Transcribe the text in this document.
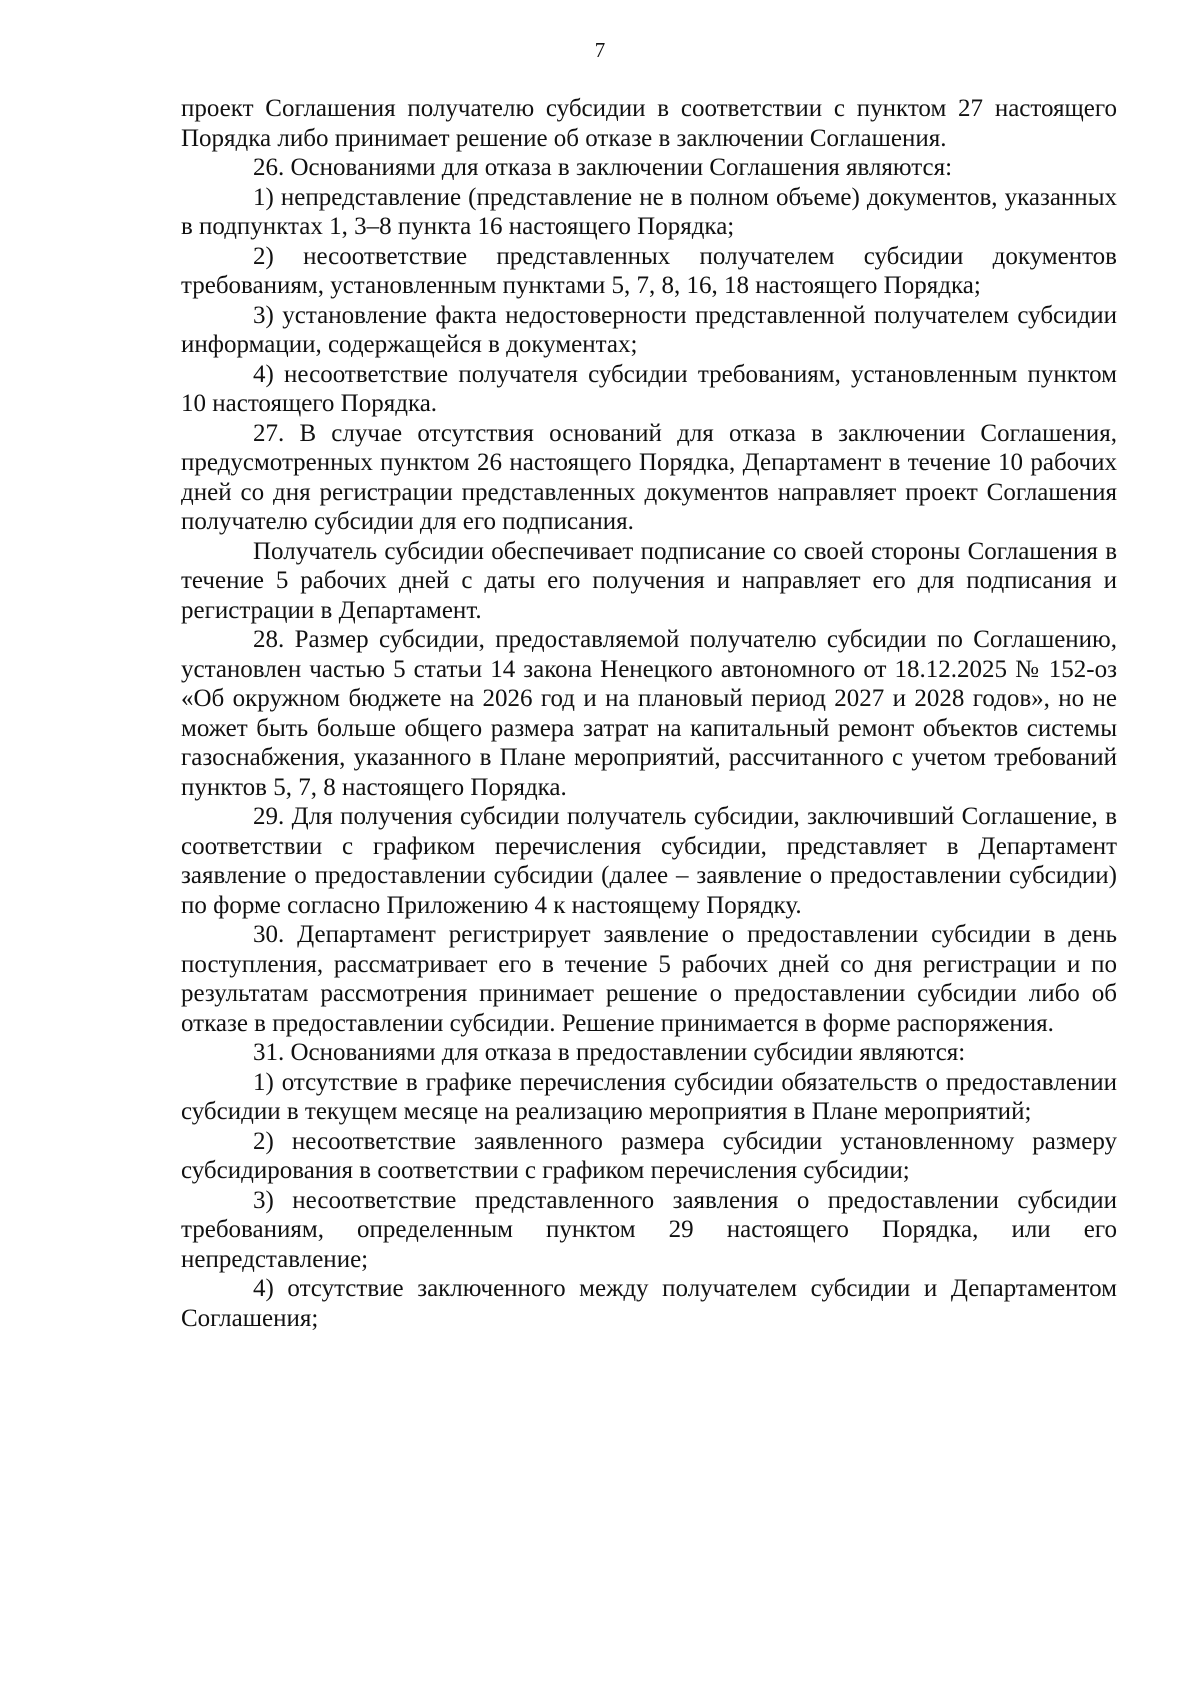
7

проект Соглашения получателю субсидии в соответствии с пунктом 27 настоящего Порядка либо принимает решение об отказе в заключении Соглашения.

26. Основаниями для отказа в заключении Соглашения являются:

1) непредставление (представление не в полном объеме) документов, указанных в подпунктах 1, 3–8 пункта 16 настоящего Порядка;

2) несоответствие представленных получателем субсидии документов требованиям, установленным пунктами 5, 7, 8, 16, 18 настоящего Порядка;

3) установление факта недостоверности представленной получателем субсидии информации, содержащейся в документах;

4) несоответствие получателя субсидии требованиям, установленным пунктом 10 настоящего Порядка.

27. В случае отсутствия оснований для отказа в заключении Соглашения, предусмотренных пунктом 26 настоящего Порядка, Департамент в течение 10 рабочих дней со дня регистрации представленных документов направляет проект Соглашения получателю субсидии для его подписания.

Получатель субсидии обеспечивает подписание со своей стороны Соглашения в течение 5 рабочих дней с даты его получения и направляет его для подписания и регистрации в Департамент.

28. Размер субсидии, предоставляемой получателю субсидии по Соглашению, установлен частью 5 статьи 14 закона Ненецкого автономного от 18.12.2025 № 152-оз «Об окружном бюджете на 2026 год и на плановый период 2027 и 2028 годов», но не может быть больше общего размера затрат на капитальный ремонт объектов системы газоснабжения, указанного в Плане мероприятий, рассчитанного с учетом требований пунктов 5, 7, 8 настоящего Порядка.

29. Для получения субсидии получатель субсидии, заключивший Соглашение, в соответствии с графиком перечисления субсидии, представляет в Департамент заявление о предоставлении субсидии (далее – заявление о предоставлении субсидии) по форме согласно Приложению 4 к настоящему Порядку.

30. Департамент регистрирует заявление о предоставлении субсидии в день поступления, рассматривает его в течение 5 рабочих дней со дня регистрации и по результатам рассмотрения принимает решение о предоставлении субсидии либо об отказе в предоставлении субсидии. Решение принимается в форме распоряжения.

31. Основаниями для отказа в предоставлении субсидии являются:

1) отсутствие в графике перечисления субсидии обязательств о предоставлении субсидии в текущем месяце на реализацию мероприятия в Плане мероприятий;

2) несоответствие заявленного размера субсидии установленному размеру субсидирования в соответствии с графиком перечисления субсидии;

3) несоответствие представленного заявления о предоставлении субсидии требованиям, определенным пунктом 29 настоящего Порядка, или его непредставление;

4) отсутствие заключенного между получателем субсидии и Департаментом Соглашения;
